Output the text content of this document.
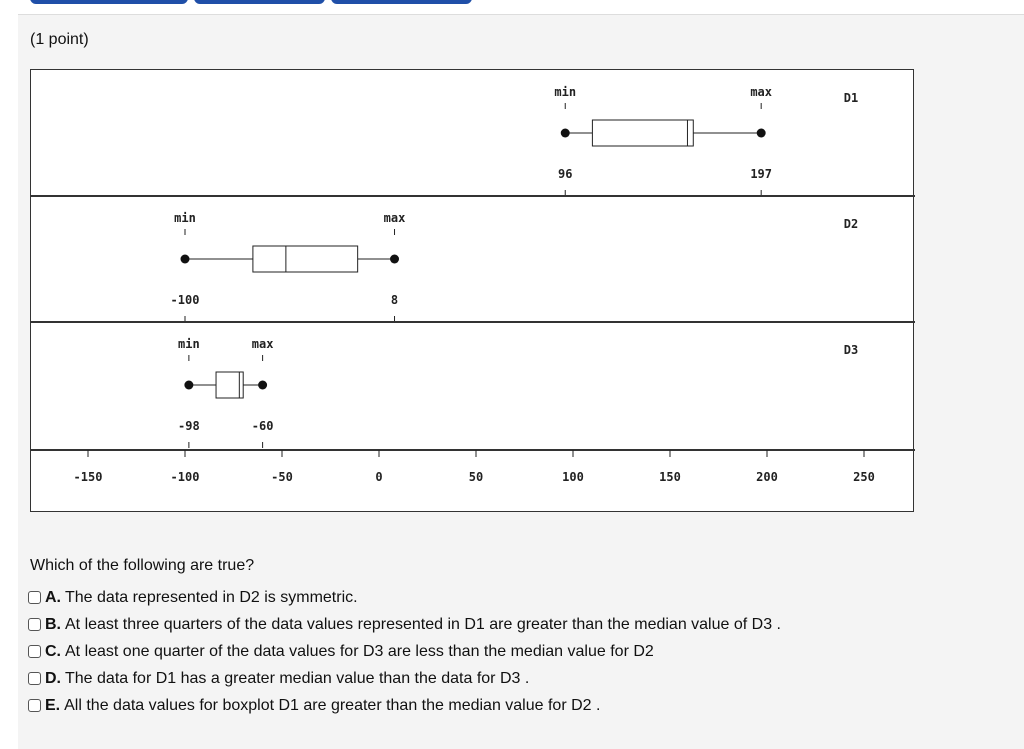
(1 point)
min	max
96	197
D1
min	max
-100	8
D2
min	max
-98	-60
D3
-150	-100	-50	0	50	100	150	200	250
Which of the following are true?
A. The data represented in D2 is symmetric.
B. At least three quarters of the data values represented in D1 are greater than the median value of D3 .
C. At least one quarter of the data values for D3 are less than the median value for D2
D. The data for D1 has a greater median value than the data for D3 .
E. All the data values for boxplot D1 are greater than the median value for D2 .
